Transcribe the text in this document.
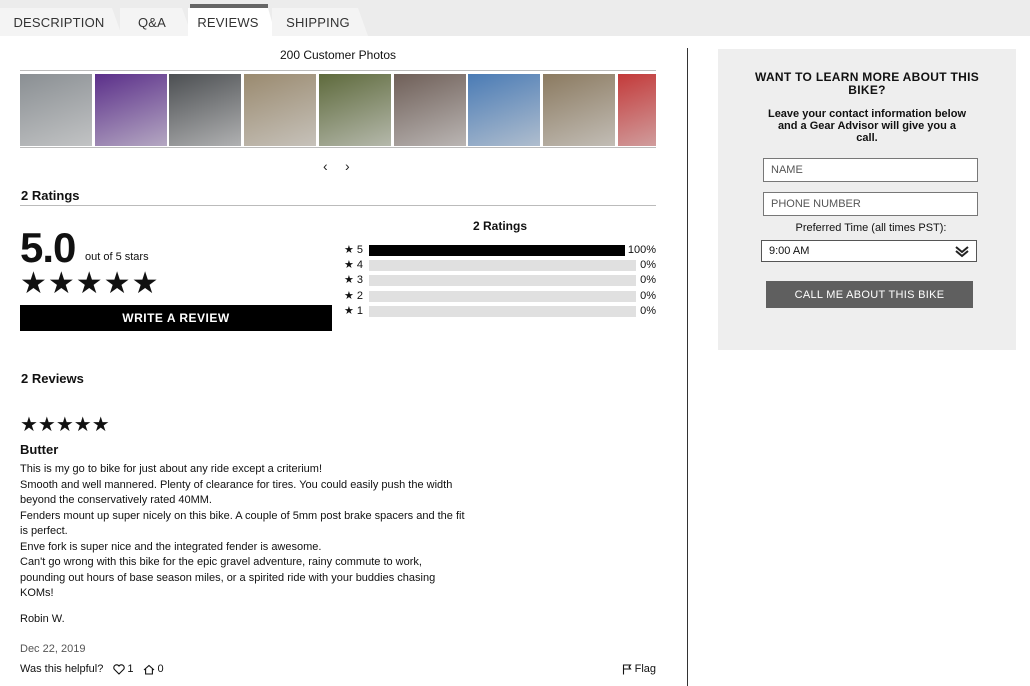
DESCRIPTION	Q&A	REVIEWS	SHIPPING
200 Customer Photos
‹ ›
2 Ratings
5.0 out of 5 stars
★★★★★
WRITE A REVIEW
2 Ratings
★ 5	100%
★ 4	0%
★ 3	0%
★ 2	0%
★ 1	0%
2 Reviews
★★★★★
Butter

This is my go to bike for just about any ride except a criterium!

Smooth and well mannered. Plenty of clearance for tires. You could easily push the width beyond the conservatively rated 40MM.

Fenders mount up super nicely on this bike. A couple of 5mm post brake spacers and the fit is perfect.

Enve fork is super nice and the integrated fender is awesome.

Can't go wrong with this bike for the epic gravel adventure, rainy commute to work, pounding out hours of base season miles, or a spirited ride with your buddies chasing KOMs!

Robin W.
Dec 22, 2019
Was this helpful? 1 0	Flag
WANT TO LEARN MORE ABOUT THIS BIKE?
Leave your contact information below and a Gear Advisor will give you a call.
NAME
PHONE NUMBER
Preferred Time (all times PST):
9:00 AM
CALL ME ABOUT THIS BIKE
